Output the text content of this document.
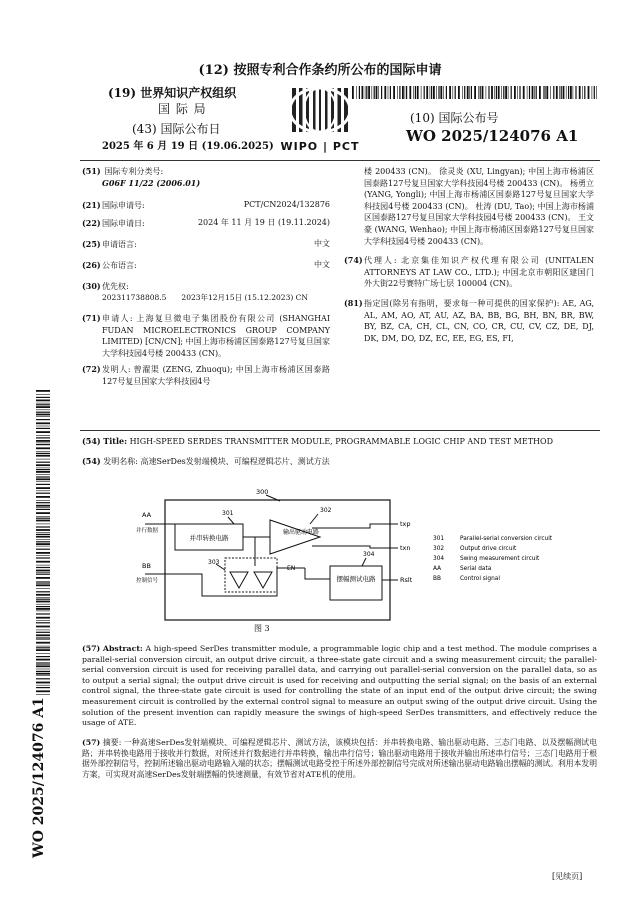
(12) 按照专利合作条约所公布的国际申请
(19) 世界知识产权组织
国 际 局
(43) 国际公布日
2025 年 6 月 19 日 (19.06.2025) WIPO | PCT
(10) 国际公布号
WO 2025/124076 A1
WO 2025/124076 A1
(51) 国际专利分类号:
G06F 11/22 (2006.01)
(21)国际申请号:	PCT/CN2024/132876
(22)国际申请日:	2024 年 11 月 19 日 (19.11.2024)
(25)申请语言:	中文
(26)公布语言:	中文
(30)优先权:
202311738808.5　　2023年12月15日 (15.12.2023) CN
(71) 申请人: 上海复旦微电子集团股份有限公司 (SHANGHAI FUDAN MICROELECTRONICS GROUP COMPANY LIMITED) [CN/CN]; 中国上海市杨浦区国泰路127号复旦国家大学科技园4号楼 200433 (CN)。
(72) 发明人: 曾濯渠 (ZENG, Zhuoqu); 中国上海市杨浦区国泰路127号复旦国家大学科技园4号
楼 200433 (CN)。 徐灵炎 (XU, Lingyan); 中国上海市杨浦区国泰路127号复旦国家大学科技园4号楼 200433 (CN)。 杨勇立 (YANG, Yongli); 中国上海市杨浦区国泰路127号复旦国家大学科技园4号楼 200433 (CN)。 杜涛 (DU, Tao); 中国上海市杨浦区国泰路127号复旦国家大学科技园4号楼 200433 (CN)。 王文豪 (WANG, Wenhao); 中国上海市杨浦区国泰路127号复旦国家大学科技园4号楼 200433 (CN)。
(74) 代理人: 北京集佳知识产权代理有限公司 (UNITALEN ATTORNEYS AT LAW CO., LTD.); 中国北京市朝阳区建国门外大街22号赛特广场七层 100004 (CN)。
(81) 指定国(除另有指明，要求每一种可提供的国家保护): AE, AG, AL, AM, AO, AT, AU, AZ, BA, BB, BG, BH, BN, BR, BW, BY, BZ, CA, CH, CL, CN, CO, CR, CU, CV, CZ, DE, DJ, DK, DM, DO, DZ, EC, EE, EG, ES, FI,
(54) Title: HIGH-SPEED SERDES TRANSMITTER MODULE, PROGRAMMABLE LOGIC CHIP AND TEST METHOD
(54) 发明名称: 高速SerDes发射端模块、可编程逻辑芯片、测试方法
300
并串转换电路
301
输出驱动电路
302
303
EN
摆幅测试电路
304
AA
并行数据
BB
控制信号
txp
txn
Rslt
301	Parallel-serial conversion circuit
302	Output drive circuit
304	Swing measurement circuit
AA	Serial data
BB	Control signal
图 3
(57) Abstract: A high-speed SerDes transmitter module, a programmable logic chip and a test method. The module comprises a parallel-serial conversion circuit, an output drive circuit, a three-state gate circuit and a swing measurement circuit; the parallel-serial conversion circuit is used for receiving parallel data, and carrying out parallel-serial conversion on the parallel data, so as to output a serial signal; the output drive circuit is used for receiving and outputting the serial signal; on the basis of an external control signal, the three-state gate circuit is used for controlling the state of an input end of the output drive circuit; the swing measurement circuit is controlled by the external control signal to measure an output swing of the output drive circuit. Using the solution of the present invention can rapidly measure the swings of high-speed SerDes transmitters, and effectively reduce the usage of ATE.
(57) 摘要: 一种高速SerDes发射端模块、可编程逻辑芯片、测试方法，该模块包括：并串转换电路、输出驱动电路、三态门电路、以及摆幅测试电路；并串转换电路用于接收并行数据，对所述并行数据进行并串转换，输出串行信号；输出驱动电路用于接收并输出所述串行信号；三态门电路用于根据外部控制信号，控制所述输出驱动电路输入端的状态；摆幅测试电路受控于所述外部控制信号完成对所述输出驱动电路输出摆幅的测试。利用本发明方案，可实现对高速SerDes发射端摆幅的快速测量，有效节省对ATE机的使用。
[见续页]
